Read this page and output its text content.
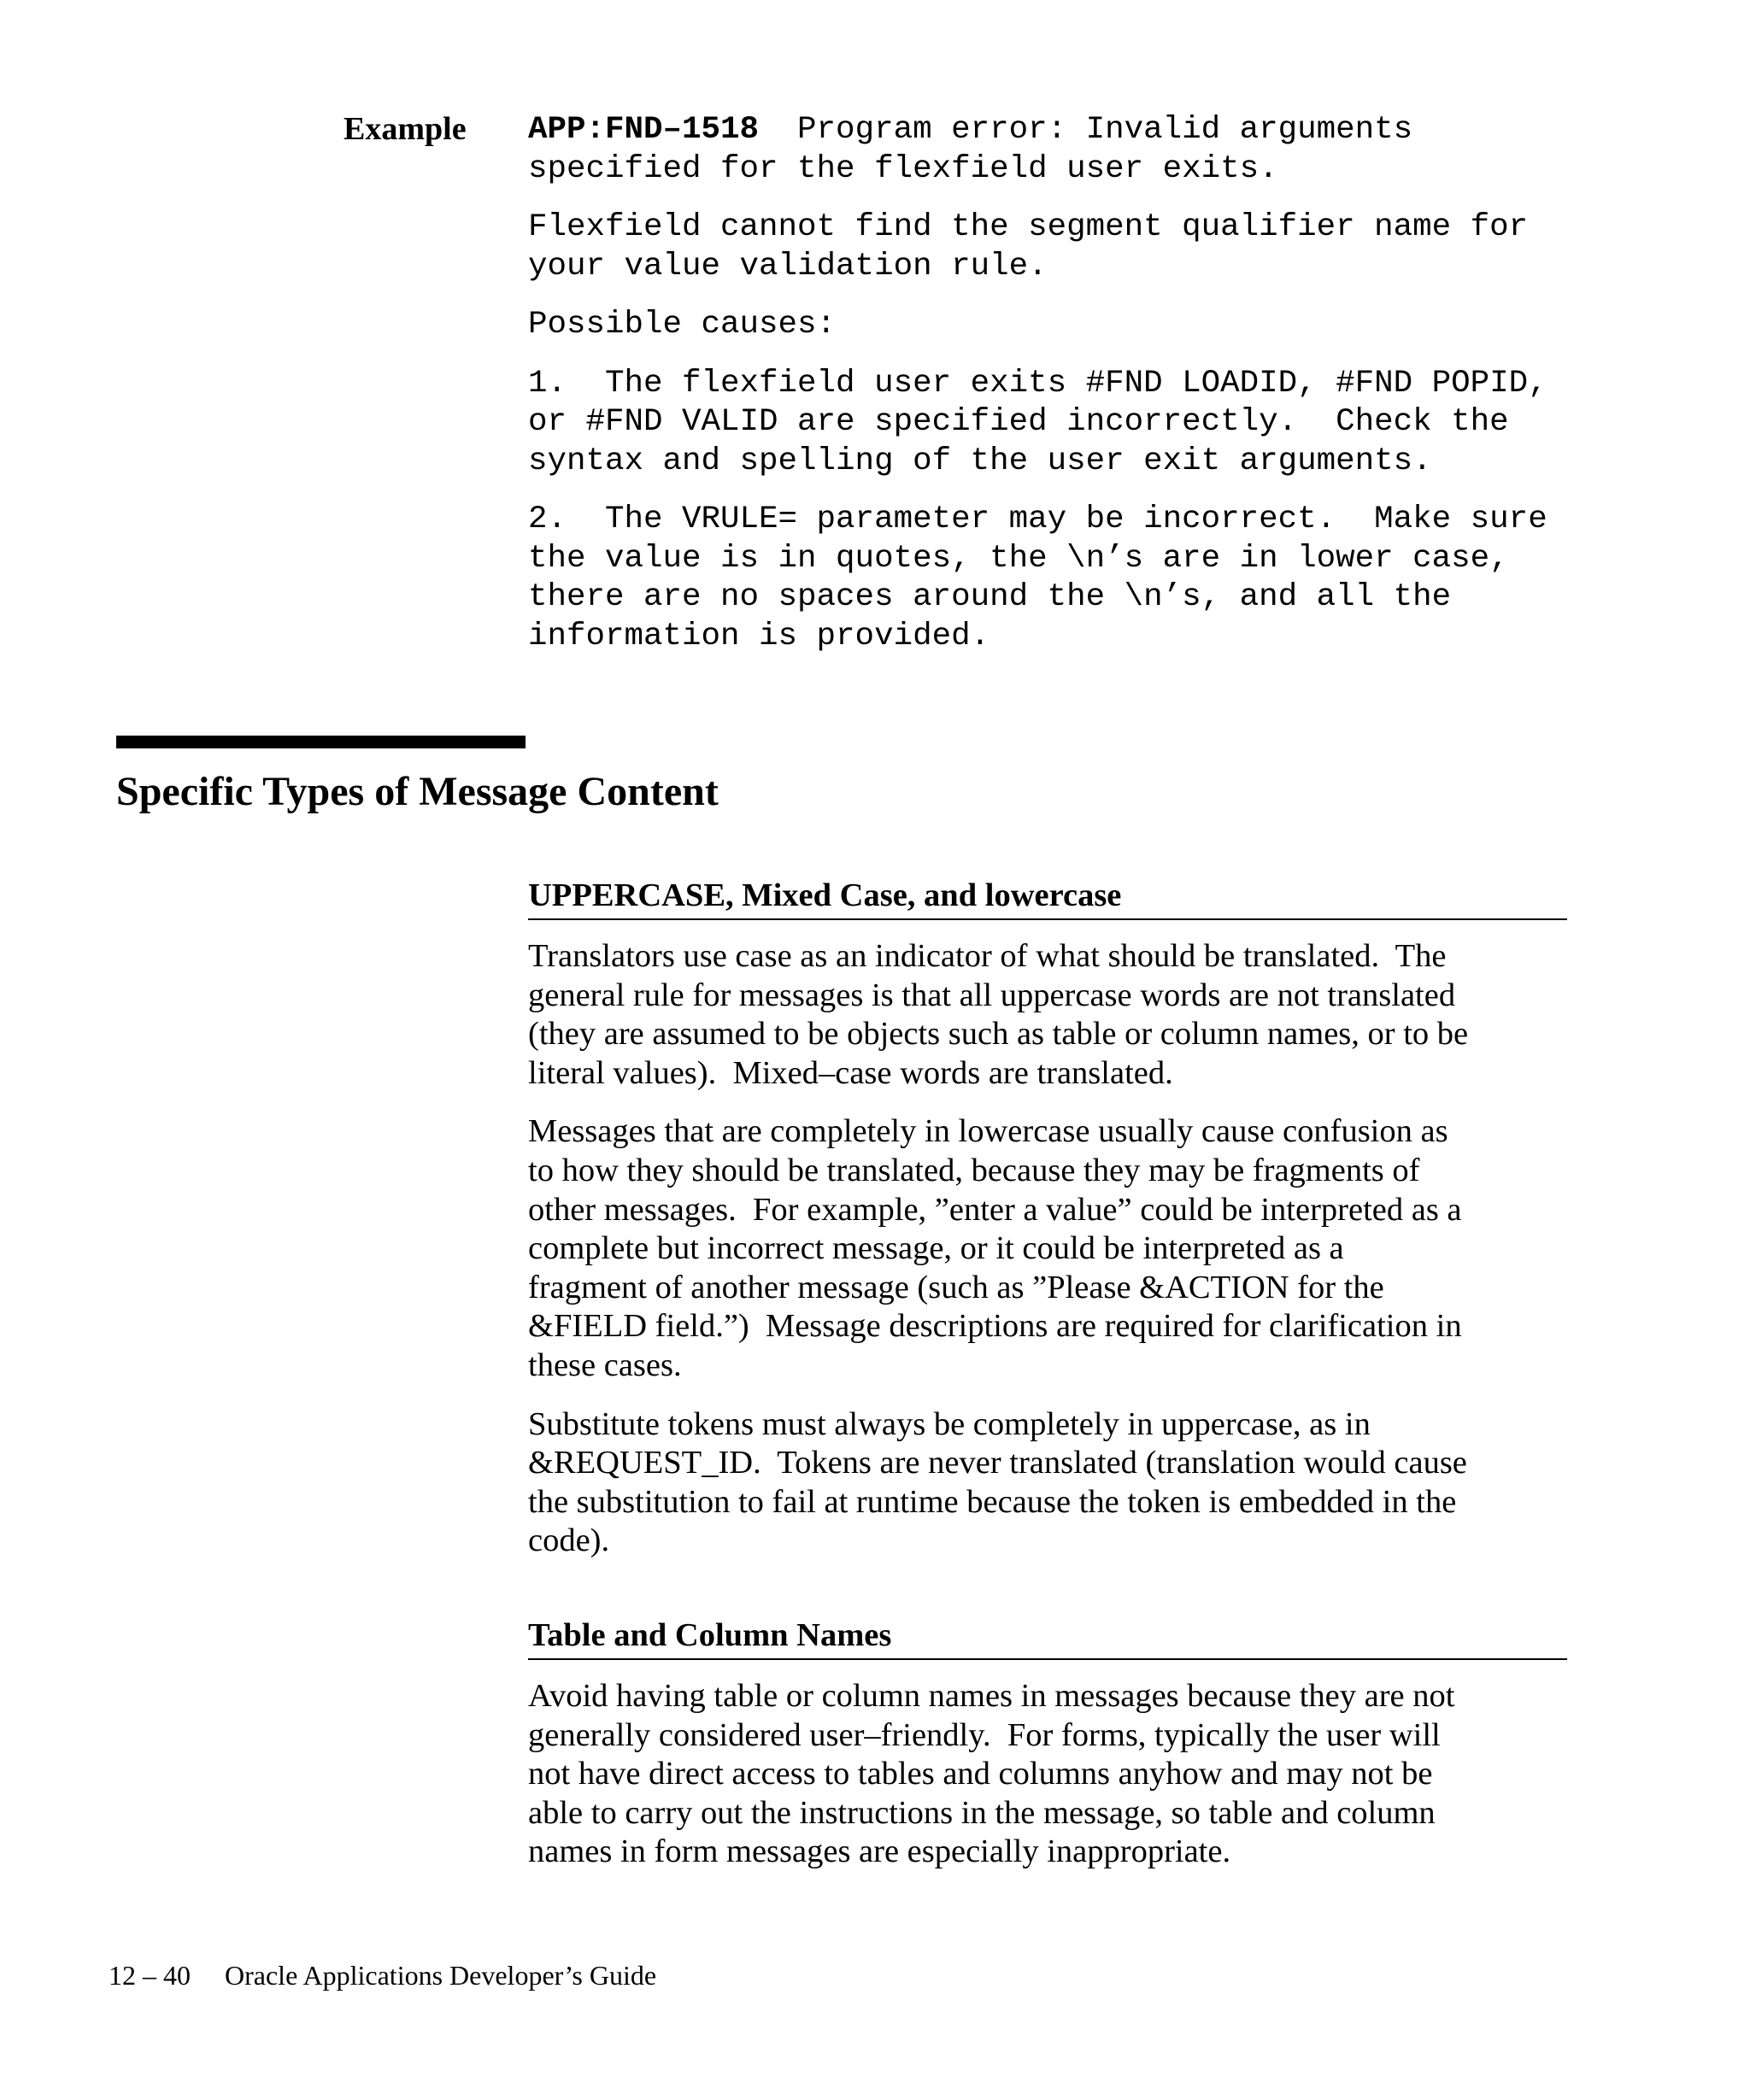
Example APP:FND–1518  Program error: Invalid arguments
specified for the flexfield user exits.

Flexfield cannot find the segment qualifier name for
your value validation rule.

Possible causes:

1.  The flexfield user exits #FND LOADID, #FND POPID,
or #FND VALID are specified incorrectly.  Check the
syntax and spelling of the user exit arguments.

2.  The VRULE= parameter may be incorrect.  Make sure
the value is in quotes, the \n’s are in lower case,
there are no spaces around the \n’s, and all the
information is provided.

Specific Types of Message Content
UPPERCASE, Mixed Case, and lowercase

Translators use case as an indicator of what should be translated.  The
general rule for messages is that all uppercase words are not translated
(they are assumed to be objects such as table or column names, or to be
literal values).  Mixed–case words are translated.

Messages that are completely in lowercase usually cause confusion as
to how they should be translated, because they may be fragments of
other messages.  For example, ”enter a value” could be interpreted as a
complete but incorrect message, or it could be interpreted as a
fragment of another message (such as ”Please &ACTION for the
&FIELD field.”)  Message descriptions are required for clarification in
these cases.

Substitute tokens must always be completely in uppercase, as in
&REQUEST_ID.  Tokens are never translated (translation would cause
the substitution to fail at runtime because the token is embedded in the
code).

Table and Column Names

Avoid having table or column names in messages because they are not
generally considered user–friendly.  For forms, typically the user will
not have direct access to tables and columns anyhow and may not be
able to carry out the instructions in the message, so table and column
names in form messages are especially inappropriate.

12 – 40 Oracle Applications Developer’s Guide
